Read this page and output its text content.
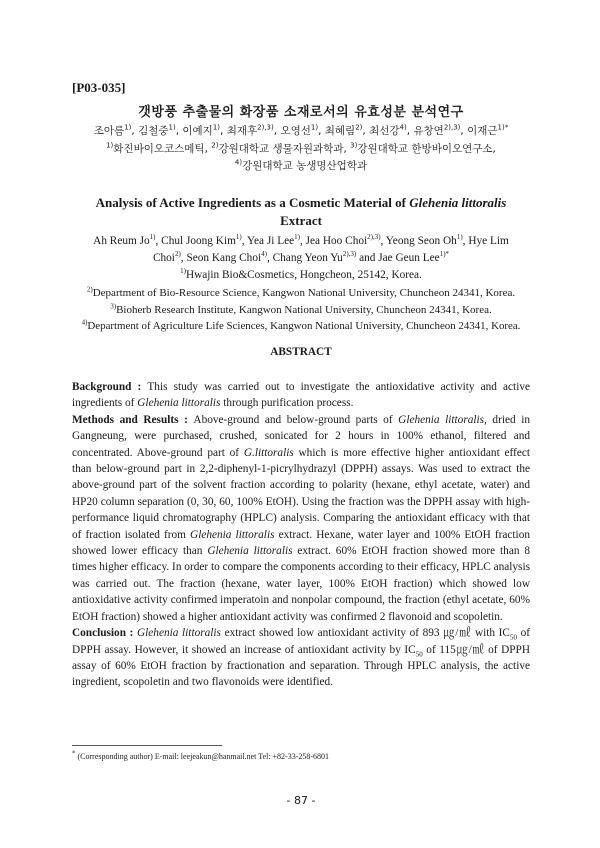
[P03-035]
갯방풍 추출물의 화장품 소재로서의 유효성분 분석연구
조아름$^{1)}$, 김철중$^{1)}$, 이예지$^{1)}$, 최재후$^{2),3)}$, 오영선$^{1)}$, 최혜림$^{2)}$, 최선강$^{4)}$, 유창연$^{2),3)}$, 이재근$^{1)*}$
$^{1)}$화진바이오코스메틱, $^{2)}$강원대학교 생물자원과학과, $^{3)}$강원대학교 한방바이오연구소,
$^{4)}$강원대학교 농생명산업학과
Analysis of Active Ingredients as a Cosmetic Material of Glehenia littoralis
Extract
Ah Reum Jo$^{1)}$, Chul Joong Kim$^{1)}$, Yea Ji Lee$^{1)}$, Jea Hoo Choi$^{2),3)}$, Yeong Seon Oh$^{1)}$, Hye Lim
Choi$^{2)}$, Seon Kang Choi$^{4)}$, Chang Yeon $Yu^{2),3)}$ and Jae Geun Lee$^{1)*}$
$^{1)}$Hwajin Bio&Cosmetics, Hongcheon, 25142, Korea.
$^{2)}$Department of Bio-Resource Science, Kangwon National University, Chuncheon 24341, Korea.
$^{3)}$Bioherb Research Institute, Kangwon National University, Chuncheon 24341, Korea.
$^{4)}$Department of Agriculture Life Sciences, Kangwon National University, Chuncheon 24341, Korea.
ABSTRACT

Background : This study was carried out to investigate the antioxidative activity and active ingredients of Glehenia littoralis through purification process.

Methods and Results : Above-ground and below-ground parts of Glehenia littoralis, dried in Gangneung, were purchased, crushed, sonicated for 2 hours in 100% ethanol, filtered and concentrated. Above-ground part of G.littoralis which is more effective higher antioxidant effect than below-ground part in 2,2-diphenyl-1-picrylhydrazyl (DPPH) assays. Was used to extract the above-ground part of the solvent fraction according to polarity (hexane, ethyl acetate, water) and HP20 column separation (0, 30, 60, 100% EtOH). Using the fraction was the DPPH assay with high-performance liquid chromatography (HPLC) analysis. Comparing the antioxidant efficacy with that of fraction isolated from Glehenia littoralis extract. Hexane, water layer and 100% EtOH fraction showed lower efficacy than Glehenia littoralis extract. 60% EtOH fraction showed more than 8 times higher efficacy. In order to compare the components according to their efficacy, HPLC analysis was carried out. The fraction (hexane, water layer, 100% EtOH fraction) which showed low antioxidative activity confirmed imperatoin and nonpolar compound, the fraction (ethyl acetate, 60% EtOH fraction) showed a higher antioxidant activity was confirmed 2 flavonoid and scopoletin.

Conclusion : Glehenia littoralis extract showed low antioxidant activity of 893 ㎍/㎖ with $IC_{50}$ of DPPH assay. However, it showed an increase of antioxidant activity by $IC_{50}$ of 115㎍/㎖ of DPPH assay of 60% EtOH fraction by fractionation and separation. Through HPLC analysis, the active ingredient, scopoletin and two flavonoids were identified.

* (Corresponding author) E-mail: leejeakun@hanmail.net Tel: +82-33-258-6801
- 87 -
